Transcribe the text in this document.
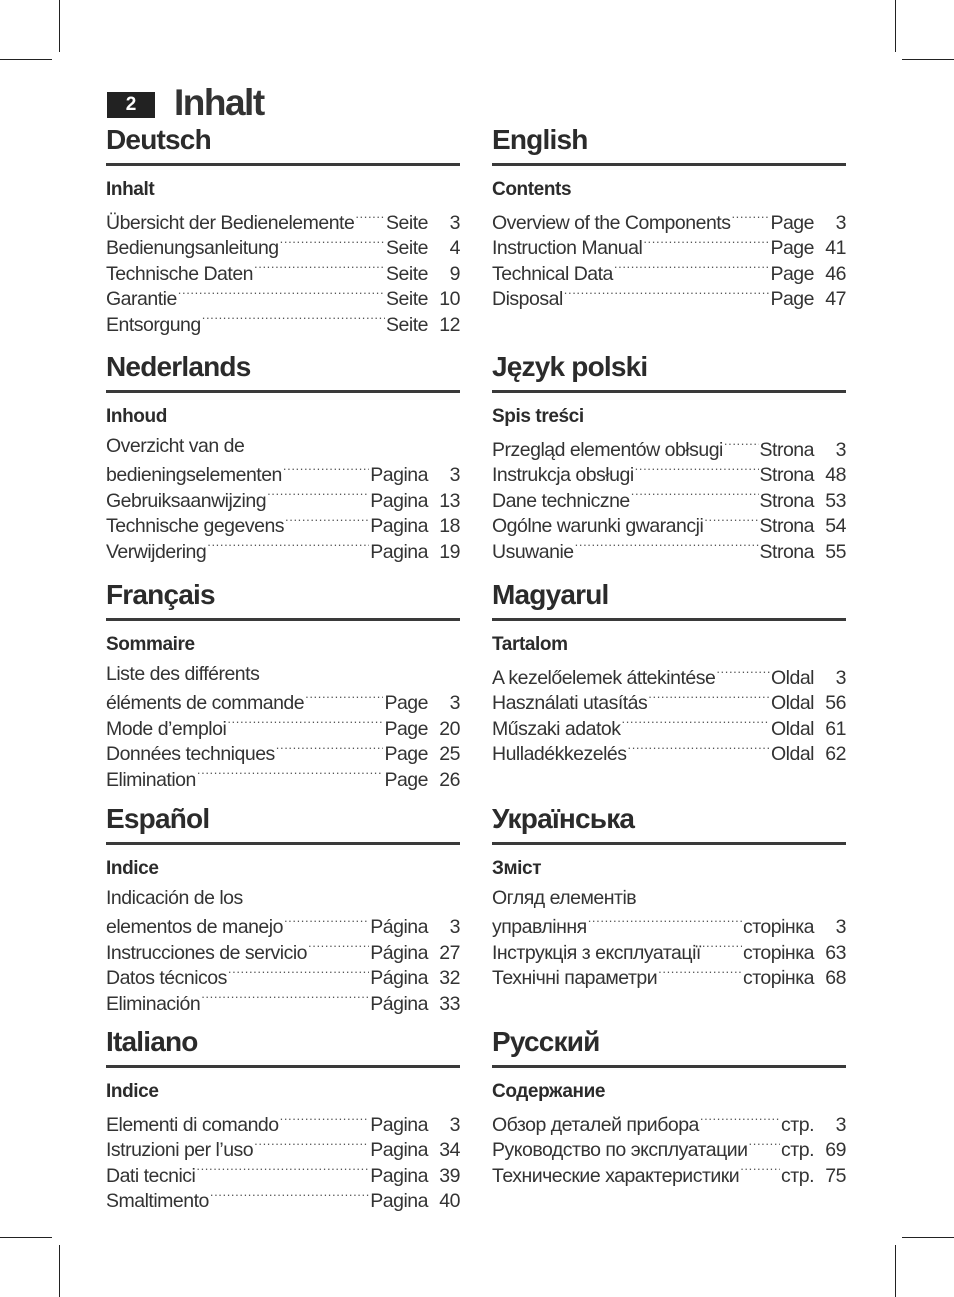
2	Inhalt
Deutsch
Inhalt
Übersicht der Bedienelemente ..... Seite	3
Bedienungsanleitung .....	Seite	4
Technische Daten .....	Seite	9
Garantie .....	Seite 10
Entsorgung .....	Seite 12
English
Contents
Overview of the Components ..... Page	3
Instruction Manual .....	Page 41
Technical Data .....	Page 46
Disposal .....	Page 47
Nederlands
Inhoud
Overzicht van de
bedieningselementen .....	Pagina	3
Gebruiksaanwijzing .....	Pagina 13
Technische gegevens .....	Pagina 18
Verwijdering .....	Pagina 19
Język polski
Spis treści
Przegląd elementów obłsugi ..... Strona	3
Instrukcja obsługi .....	Strona 48
Dane techniczne .....	Strona 53
Ogólne warunki gwarancji .....	Strona 54
Usuwanie .....	Strona 55
Français
Sommaire
Liste des différents
éléments de commande .....	Page	3
Mode d’emploi .....	Page 20
Données techniques .....	Page 25
Elimination .....	Page 26
Magyarul
Tartalom
A kezelőelemek áttekintése .....	Oldal	3
Használati utasítás .....	Oldal 56
Műszaki adatok .....	Oldal 61
Hulladékkezelés .....	Oldal 62
Español
Indice
Indicación de los
elementos de manejo .....	Página	3
Instrucciones de servicio .....	Página 27
Datos técnicos .....	Página 32
Eliminación .....	Página 33
Українська
Зміст
Огляд елементів
управління .....	сторінка	3
Інструкція з експлуатації ..... сторінка 63
Технічні параметри .....	сторінка 68
Italiano
Indice
Elementi di comando .....	Pagina	3
Istruzioni per l’uso .....	Pagina 34
Dati tecnici .....	Pagina 39
Smaltimento .....	Pagina 40
Русский
Содержание
Обзор деталей прибора .....	стр.	3
Руководство по эксплуатации ..... стр. 69
Технические характеристики ..... стр. 75
